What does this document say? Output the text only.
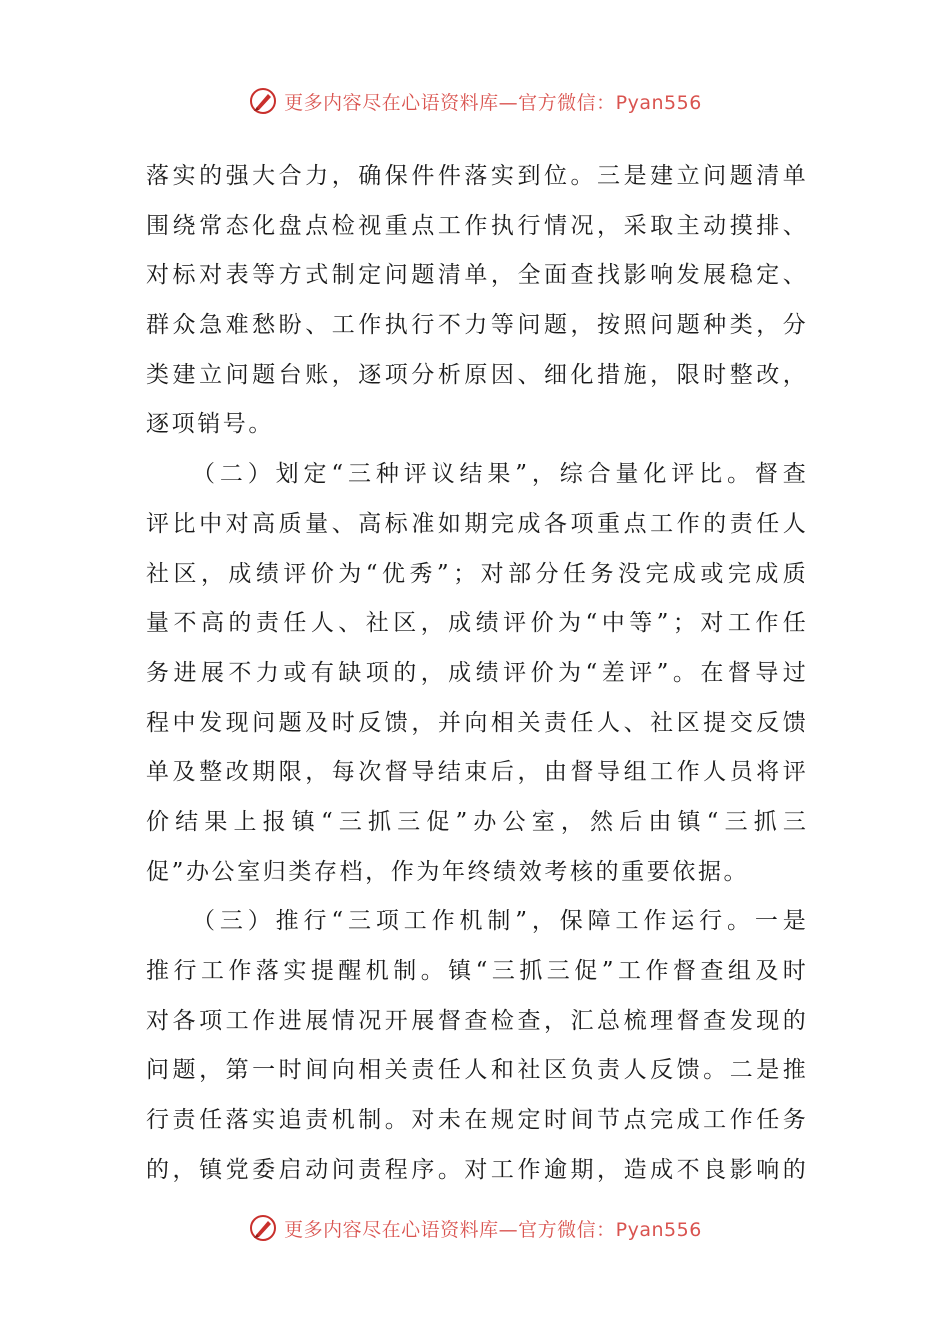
更多内容尽在心语资料库—官方微信：Pyan556
落 实 的 强 大 合 力 ， 确 保 件 件 落 实 到 位 。 三 是 建 立 问 题 清 单
围 绕 常 态 化 盘 点 检 视 重 点 工 作 执 行 情 况 ， 采 取 主 动 摸 排 、
对 标 对 表 等 方 式 制 定 问 题 清 单 ， 全 面 查 找 影 响 发 展 稳 定 、
群 众 急 难 愁 盼 、 工 作 执 行 不 力 等 问 题 ， 按 照 问 题 种 类 ， 分
类 建 立 问 题 台 账 ， 逐 项 分 析 原 因 、 细 化 措 施 ， 限 时 整 改 ，
逐项销号。
（ 二 ） 划 定 “ 三 种 评 议 结 果 ” ， 综 合 量 化 评 比 。 督 查
评 比 中 对 高 质 量 、 高 标 准 如 期 完 成 各 项 重 点 工 作 的 责 任 人
社 区 ， 成 绩 评 价 为 “ 优 秀 ” ； 对 部 分 任 务 没 完 成 或 完 成 质
量 不 高 的 责 任 人 、 社 区 ， 成 绩 评 价 为 “ 中 等 ” ； 对 工 作 任
务 进 展 不 力 或 有 缺 项 的 ， 成 绩 评 价 为 “ 差 评 ” 。 在 督 导 过
程 中 发 现 问 题 及 时 反 馈 ， 并 向 相 关 责 任 人 、 社 区 提 交 反 馈
单 及 整 改 期 限 ， 每 次 督 导 结 束 后 ， 由 督 导 组 工 作 人 员 将 评
价 结 果 上 报 镇 “ 三 抓 三 促 ” 办 公 室 ， 然 后 由 镇 “ 三 抓 三
促”办公室归类存档，作为年终绩效考核的重要依据。
（ 三 ） 推 行 “ 三 项 工 作 机 制 ” ， 保 障 工 作 运 行 。 一 是
推 行 工 作 落 实 提 醒 机 制 。 镇 “ 三 抓 三 促 ” 工 作 督 查 组 及 时
对 各 项 工 作 进 展 情 况 开 展 督 查 检 查 ， 汇 总 梳 理 督 查 发 现 的
问 题 ， 第 一 时 间 向 相 关 责 任 人 和 社 区 负 责 人 反 馈 。 二 是 推
行 责 任 落 实 追 责 机 制 。 对 未 在 规 定 时 间 节 点 完 成 工 作 任 务
的 ， 镇 党 委 启 动 问 责 程 序 。 对 工 作 逾 期 ， 造 成 不 良 影 响 的
更多内容尽在心语资料库—官方微信：Pyan556
